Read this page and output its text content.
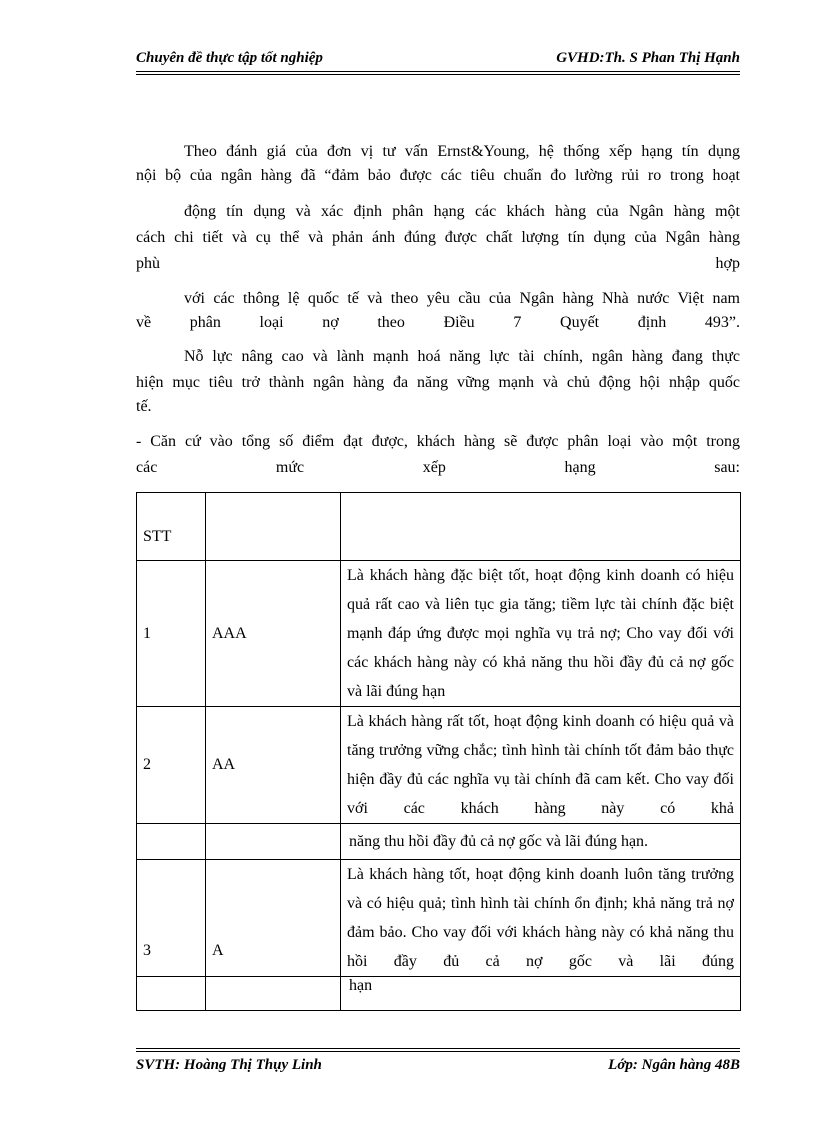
Chuyên đề thực tập tốt nghiệp	GVHD:Th. S Phan Thị Hạnh
Theo đánh giá của đơn vị tư vấn Ernst&Young, hệ thống xếp hạng tín dụng
nội bộ của ngân hàng đã “đảm bảo được các tiêu chuẩn đo lường rủi ro trong hoạt
động tín dụng và xác định phân hạng các khách hàng của Ngân hàng một
cách chi tiết và cụ thể và phản ánh đúng được chất lượng tín dụng của Ngân hàng
phù	hợp
với các thông lệ quốc tế và theo yêu cầu của Ngân hàng Nhà nước Việt nam
về phân loại nợ theo Điều 7 Quyết định 493”.
Nỗ lực nâng cao và lành mạnh hoá năng lực tài chính, ngân hàng đang thực
hiện mục tiêu trở thành ngân hàng đa năng vững mạnh và chủ động hội nhập quốc
tế.
- Căn cứ vào tổng số điểm đạt được, khách hàng sẽ được phân loại vào một trong
các mức xếp hạng sau:
STT		
1	AAA	Là khách hàng đặc biệt tốt, hoạt động kinh doanh có hiệu quả rất cao và liên tục gia tăng; tiềm lực tài chính đặc biệt mạnh đáp ứng được mọi nghĩa vụ trả nợ; Cho vay đối với các khách hàng này có khả năng thu hồi đầy đủ cả nợ gốc và lãi đúng hạn
2	AA	Là khách hàng rất tốt, hoạt động kinh doanh có hiệu quả và tăng trưởng vững chắc; tình hình tài chính tốt đảm bảo thực hiện đầy đủ các nghĩa vụ tài chính đã cam kết. Cho vay đối với các khách hàng này có khả
		năng thu hồi đầy đủ cả nợ gốc và lãi đúng hạn.
3	A	Là khách hàng tốt, hoạt động kinh doanh luôn tăng trưởng và có hiệu quả; tình hình tài chính ổn định; khả năng trả nợ đảm bảo. Cho vay đối với khách hàng này có khả năng thu hồi đầy đủ cả nợ gốc và lãi đúng
		hạn
SVTH: Hoàng Thị Thụy Linh	Lớp: Ngân hàng 48B
